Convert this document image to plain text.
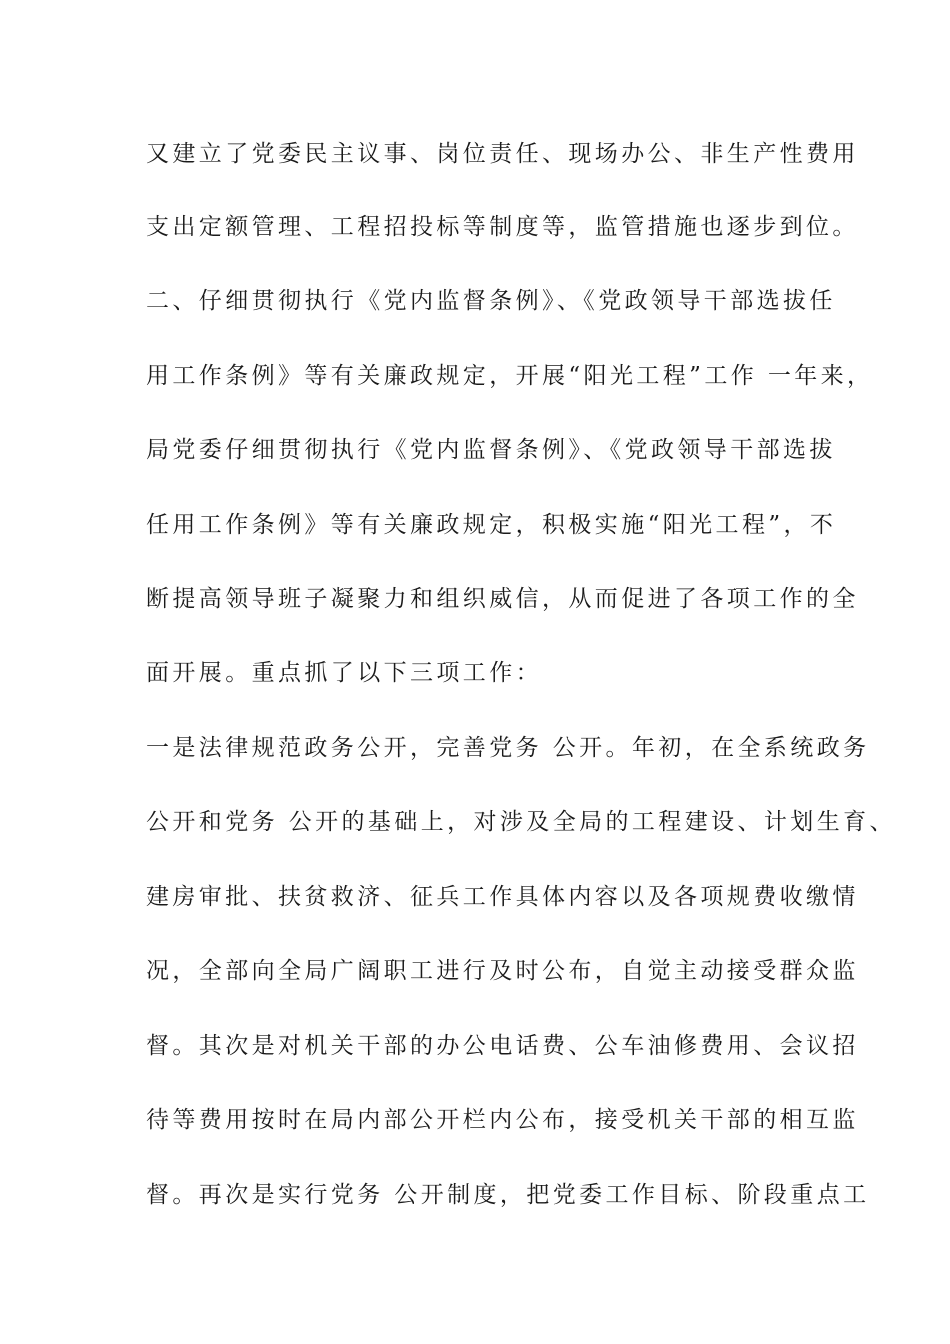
又建立了党委民主议事、岗位责任、现场办公、非生产性费用
支出定额管理、工程招投标等制度等，监管措施也逐步到位。
二、仔细贯彻执行《党内监督条例》、《党政领导干部选拔任
用工作条例》等有关廉政规定，开展“阳光工程”工作 一年来，
局党委仔细贯彻执行《党内监督条例》、《党政领导干部选拔
任用工作条例》等有关廉政规定，积极实施“阳光工程”，不
断提高领导班子凝聚力和组织威信，从而促进了各项工作的全
面开展。重点抓了以下三项工作：
一是法律规范政务公开，完善党务 公开。年初，在全系统政务
公开和党务 公开的基础上，对涉及全局的工程建设、计划生育、
建房审批、扶贫救济、征兵工作具体内容以及各项规费收缴情
况，全部向全局广阔职工进行及时公布，自觉主动接受群众监
督。其次是对机关干部的办公电话费、公车油修费用、会议招
待等费用按时在局内部公开栏内公布，接受机关干部的相互监
督。再次是实行党务 公开制度，把党委工作目标、阶段重点工
